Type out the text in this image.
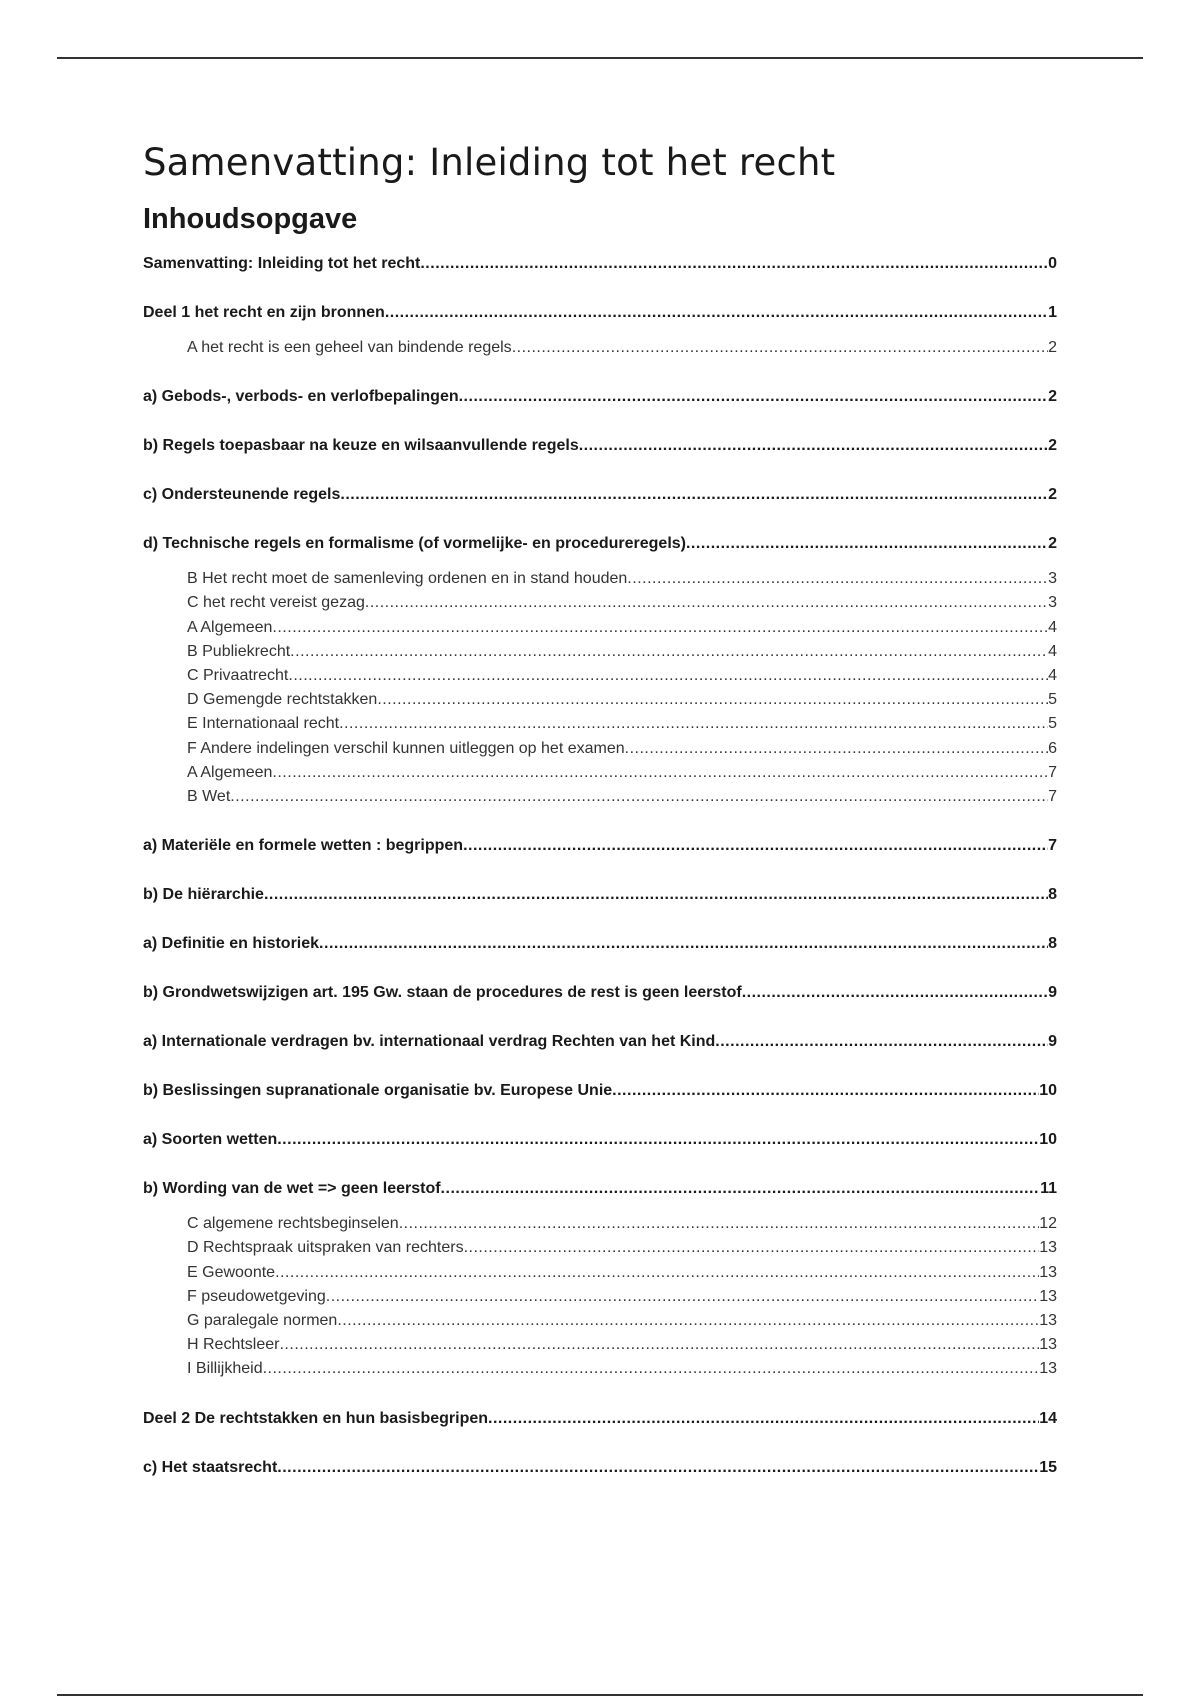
Samenvatting: Inleiding tot het recht
Inhoudsopgave
Samenvatting: Inleiding tot het recht .....	0
Deel 1 het recht en zijn bronnen .....	1
A het recht is een geheel van bindende regels .....	2
a) Gebods-, verbods- en verlofbepalingen .....	2
b) Regels toepasbaar na keuze en wilsaanvullende regels .....	2
c) Ondersteunende regels .....	2
d) Technische regels en formalisme (of vormelijke- en procedureregels) .....	2
B Het recht moet de samenleving ordenen en in stand houden .....	3
C het recht vereist gezag .....	3
A Algemeen .....	4
B Publiekrecht .....	4
C Privaatrecht .....	4
D Gemengde rechtstakken .....	5
E Internationaal recht .....	5
F Andere indelingen verschil kunnen uitleggen op het examen .....	6
A Algemeen .....	7
B Wet .....	7
a) Materiële en formele wetten : begrippen .....	7
b) De hiërarchie .....	8
a) Definitie en historiek .....	8
b) Grondwetswijzigen art. 195 Gw. staan de procedures de rest is geen leerstof .....	9
a) Internationale verdragen bv. internationaal verdrag Rechten van het Kind .....	9
b) Beslissingen supranationale organisatie bv. Europese Unie .....	10
a) Soorten wetten .....	10
b) Wording van de wet => geen leerstof .....	11
C algemene rechtsbeginselen .....	12
D Rechtspraak uitspraken van rechters .....	13
E Gewoonte .....	13
F pseudowetgeving .....	13
G paralegale normen .....	13
H Rechtsleer .....	13
I Billijkheid .....	13
Deel 2 De rechtstakken en hun basisbegripen .....	14
c) Het staatsrecht .....	15
